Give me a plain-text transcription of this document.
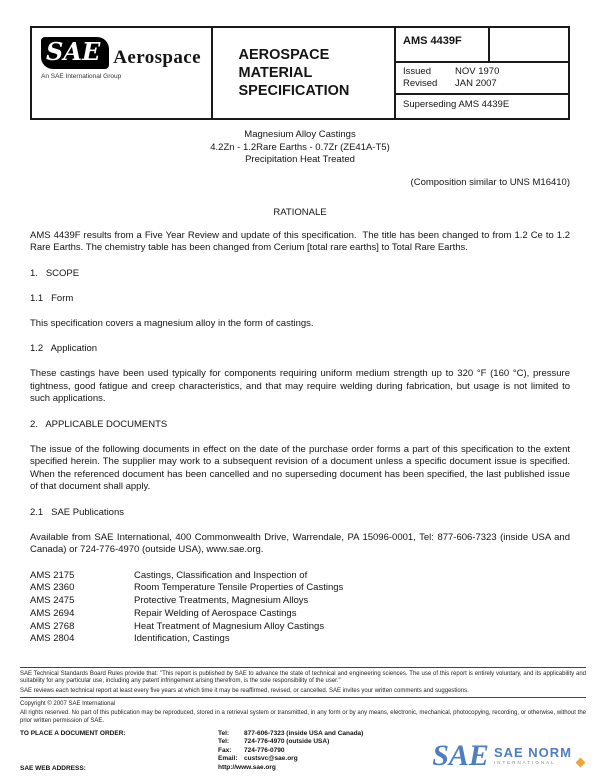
SAE Aerospace
An SAE International Group
AEROSPACE MATERIAL SPECIFICATION
AMS 4439F
Issued	NOV 1970
Revised	JAN 2007
Superseding AMS 4439E
Magnesium Alloy Castings
4.2Zn - 1.2Rare Earths - 0.7Zr (ZE41A-T5)
Precipitation Heat Treated
(Composition similar to UNS M16410)
RATIONALE

AMS 4439F results from a Five Year Review and update of this specification.  The title has been changed to from 1.2 Ce to 1.2 Rare Earths. The chemistry table has been changed from Cerium [total rare earths] to Total Rare Earths.

1.   SCOPE
1.1   Form

This specification covers a magnesium alloy in the form of castings.

1.2   Application

These castings have been used typically for components requiring uniform medium strength up to 320 °F (160 °C), pressure tightness, good fatigue and creep characteristics, and that may require welding during fabrication, but usage is not limited to such applications.

2.   APPLICABLE DOCUMENTS

The issue of the following documents in effect on the date of the purchase order forms a part of this specification to the extent specified herein. The supplier may work to a subsequent revision of a document unless a specific document issue is specified. When the referenced document has been cancelled and no superseding document has been specified, the last published issue of that document shall apply.

2.1   SAE Publications

Available from SAE International, 400 Commonwealth Drive, Warrendale, PA 15096-0001, Tel: 877-606-7323 (inside USA and Canada) or 724-776-4970 (outside USA), www.sae.org.

AMS 2175	Castings, Classification and Inspection of
AMS 2360	Room Temperature Tensile Properties of Castings
AMS 2475	Protective Treatments, Magnesium Alloys
AMS 2694	Repair Welding of Aerospace Castings
AMS 2768	Heat Treatment of Magnesium Alloy Castings
AMS 2804	Identification, Castings

SAE Technical Standards Board Rules provide that: "This report is published by SAE to advance the state of technical and engineering sciences. The use of this report is entirely voluntary, and its applicability and suitability for any particular use, including any patent infringement arising therefrom, is the sole responsibility of the user."

SAE reviews each technical report at least every five years at which time it may be reaffirmed, revised, or cancelled. SAE invites your written comments and suggestions.

Copyright © 2007 SAE International

All rights reserved. No part of this publication may be reproduced, stored in a retrieval system or transmitted, in any form or by any means, electronic, mechanical, photocopying, recording, or otherwise, without the prior written permission of SAE.

TO PLACE A DOCUMENT ORDER:
SAE WEB ADDRESS:
Tel: 877-606-7323 (inside USA and Canada)
Tel: 724-776-4970 (outside USA)
Fax: 724-776-0790
Email: custsvc@sae.org
http://www.sae.org	SAE SAE NORM
INTERNATIONAL
